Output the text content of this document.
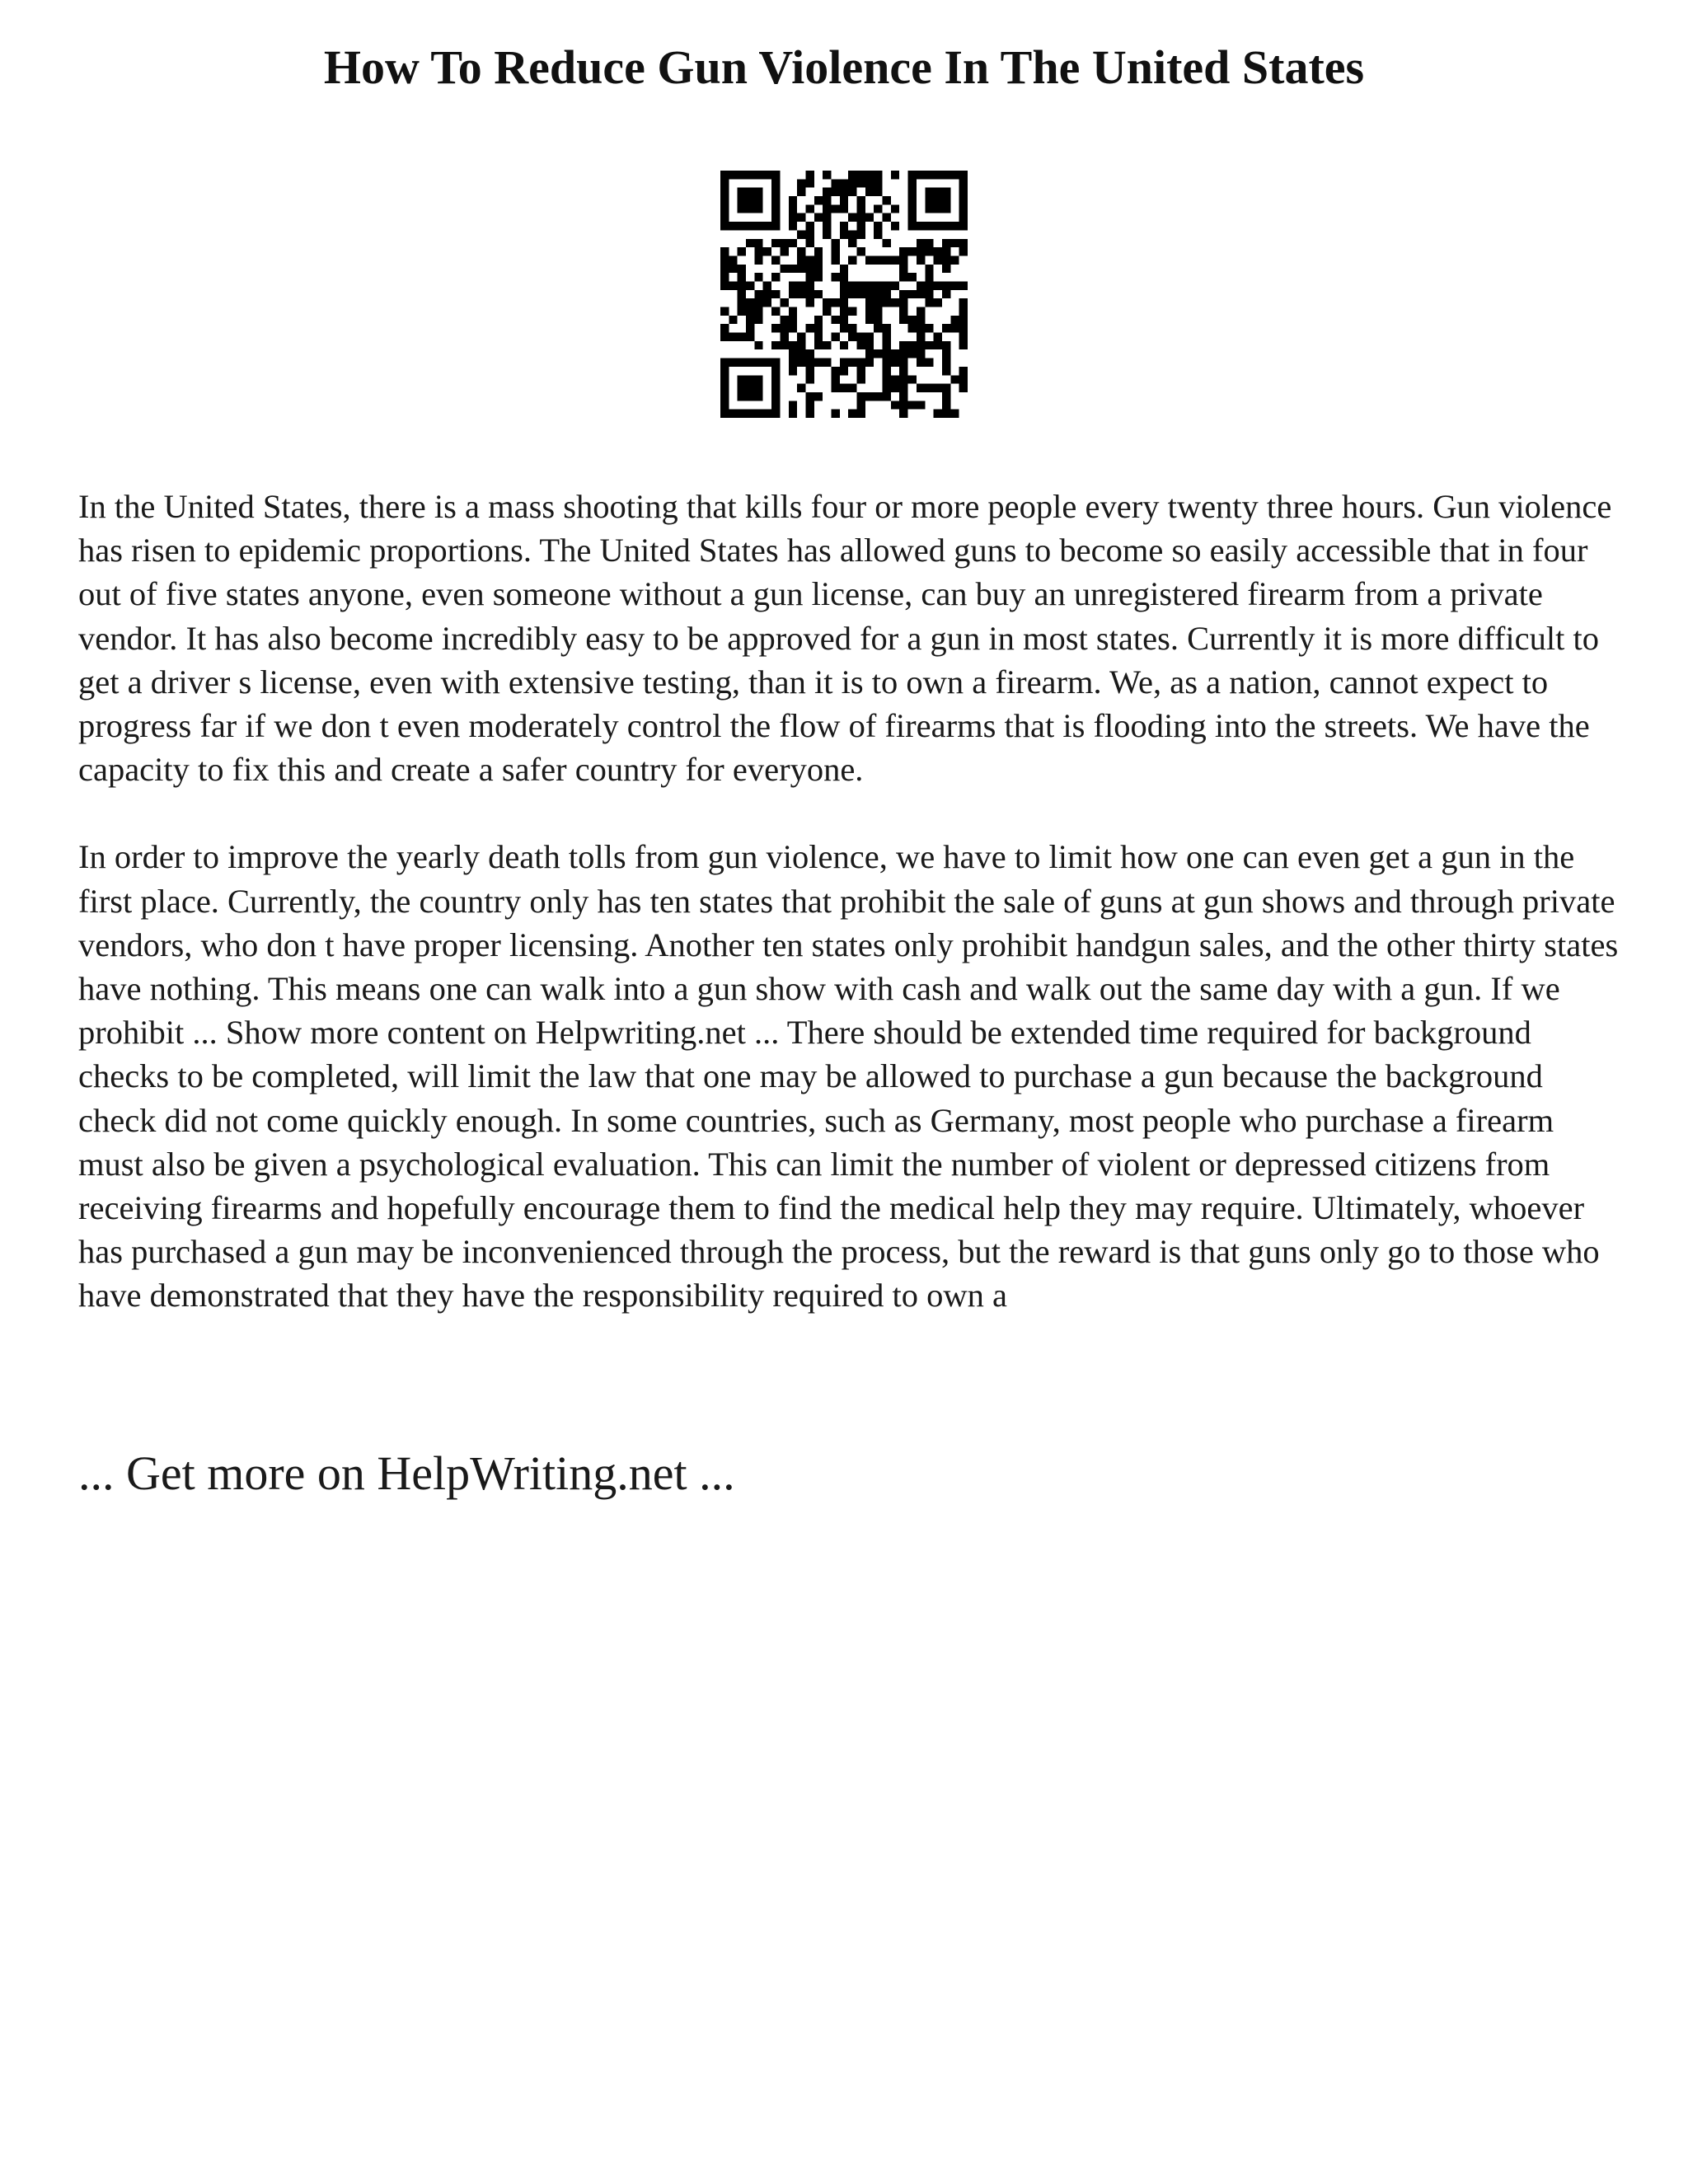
How To Reduce Gun Violence In The United States

In the United States, there is a mass shooting that kills four or more people every twenty three hours. Gun violence has risen to epidemic proportions. The United States has allowed guns to become so easily accessible that in four out of five states anyone, even someone without a gun license, can buy an unregistered firearm from a private vendor. It has also become incredibly easy to be approved for a gun in most states. Currently it is more difficult to get a driver s license, even with extensive testing, than it is to own a firearm. We, as a nation, cannot expect to progress far if we don t even moderately control the flow of firearms that is flooding into the streets. We have the capacity to fix this and create a safer country for everyone.

In order to improve the yearly death tolls from gun violence, we have to limit how one can even get a gun in the first place. Currently, the country only has ten states that prohibit the sale of guns at gun shows and through private vendors, who don t have proper licensing. Another ten states only prohibit handgun sales, and the other thirty states have nothing. This means one can walk into a gun show with cash and walk out the same day with a gun. If we prohibit ... Show more content on Helpwriting.net ... There should be extended time required for background checks to be completed, will limit the law that one may be allowed to purchase a gun because the background check did not come quickly enough. In some countries, such as Germany, most people who purchase a firearm must also be given a psychological evaluation. This can limit the number of violent or depressed citizens from receiving firearms and hopefully encourage them to find the medical help they may require. Ultimately, whoever has purchased a gun may be inconvenienced through the process, but the reward is that guns only go to those who have demonstrated that they have the responsibility required to own a

... Get more on HelpWriting.net ...
